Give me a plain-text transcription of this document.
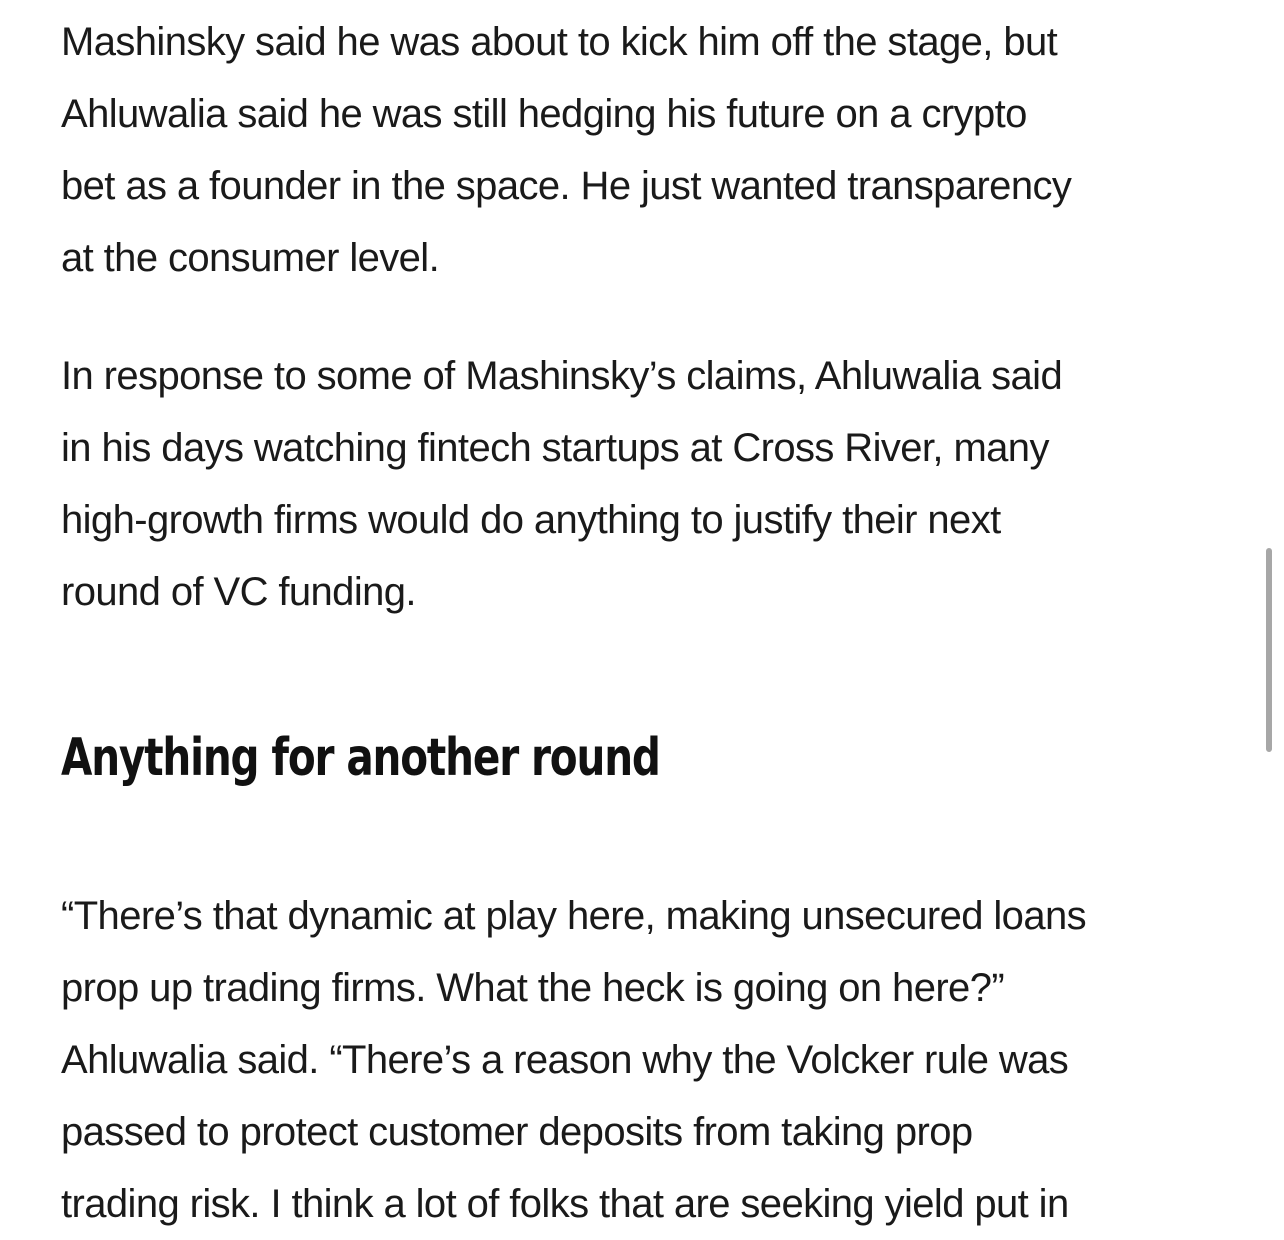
Mashinsky said he was about to kick him off the stage, but
Ahluwalia said he was still hedging his future on a crypto
bet as a founder in the space. He just wanted transparency
at the consumer level.

In response to some of Mashinsky’s claims, Ahluwalia said
in his days watching fintech startups at Cross River, many
high-growth firms would do anything to justify their next
round of VC funding.

Anything for another round

“There’s that dynamic at play here, making unsecured loans
prop up trading firms. What the heck is going on here?”
Ahluwalia said. “There’s a reason why the Volcker rule was
passed to protect customer deposits from taking prop
trading risk. I think a lot of folks that are seeking yield put in
